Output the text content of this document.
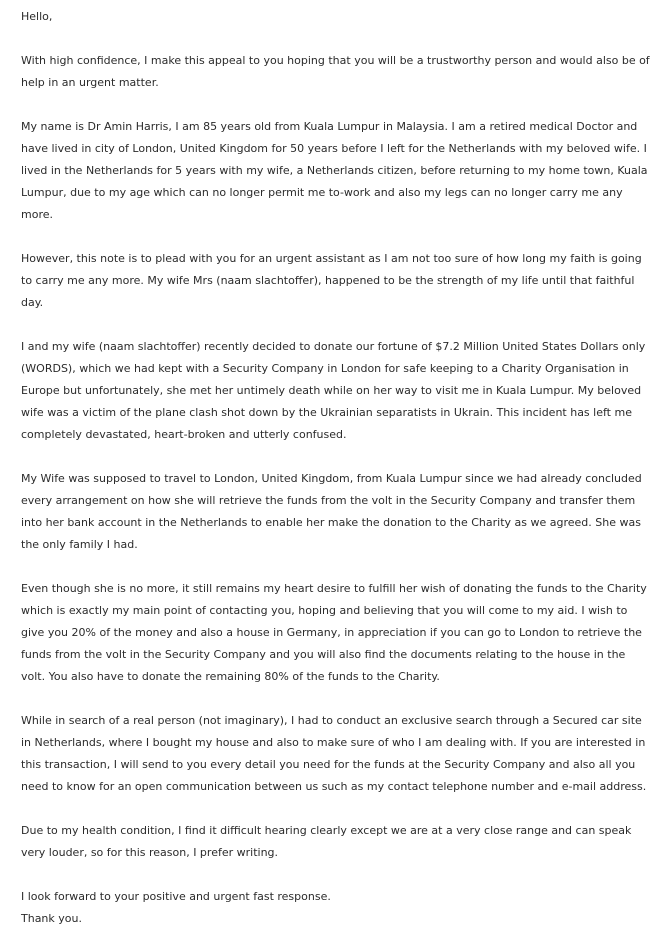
Hello,

With high confidence, I make this appeal to you hoping that you will be a trustworthy person and would also be of help in an urgent matter.

My name is Dr Amin Harris, I am 85 years old from Kuala Lumpur in Malaysia. I am a retired medical Doctor and have lived in city of London, United Kingdom for 50 years before I left for the Netherlands with my beloved wife. I lived in the Netherlands for 5 years with my wife, a Netherlands citizen, before returning to my home town, Kuala Lumpur, due to my age which can no longer permit me to-work and also my legs can no longer carry me any more.

However, this note is to plead with you for an urgent assistant as I am not too sure of how long my faith is going to carry me any more. My wife Mrs (naam slachtoffer), happened to be the strength of my life until that faithful day.

I and my wife (naam slachtoffer) recently decided to donate our fortune of $7.2 Million United States Dollars only (WORDS), which we had kept with a Security Company in London for safe keeping to a Charity Organisation in Europe but unfortunately, she met her untimely death while on her way to visit me in Kuala Lumpur. My beloved wife was a victim of the plane clash shot down by the Ukrainian separatists in Ukrain. This incident has left me completely devastated, heart-broken and utterly confused.

My Wife was supposed to travel to London, United Kingdom, from Kuala Lumpur since we had already concluded every arrangement on how she will retrieve the funds from the volt in the Security Company and transfer them into her bank account in the Netherlands to enable her make the donation to the Charity as we agreed. She was the only family I had.

Even though she is no more, it still remains my heart desire to fulfill her wish of donating the funds to the Charity which is exactly my main point of contacting you, hoping and believing that you will come to my aid. I wish to give you 20% of the money and also a house in Germany, in appreciation if you can go to London to retrieve the funds from the volt in the Security Company and you will also find the documents relating to the house in the volt. You also have to donate the remaining 80% of the funds to the Charity.

While in search of a real person (not imaginary), I had to conduct an exclusive search through a Secured car site in Netherlands, where I bought my house and also to make sure of who I am dealing with. If you are interested in this transaction, I will send to you every detail you need for the funds at the Security Company and also all you need to know for an open communication between us such as my contact telephone number and e-mail address.

Due to my health condition, I find it difficult hearing clearly except we are at a very close range and can speak very louder, so for this reason, I prefer writing.

I look forward to your positive and urgent fast response.

Thank you.
